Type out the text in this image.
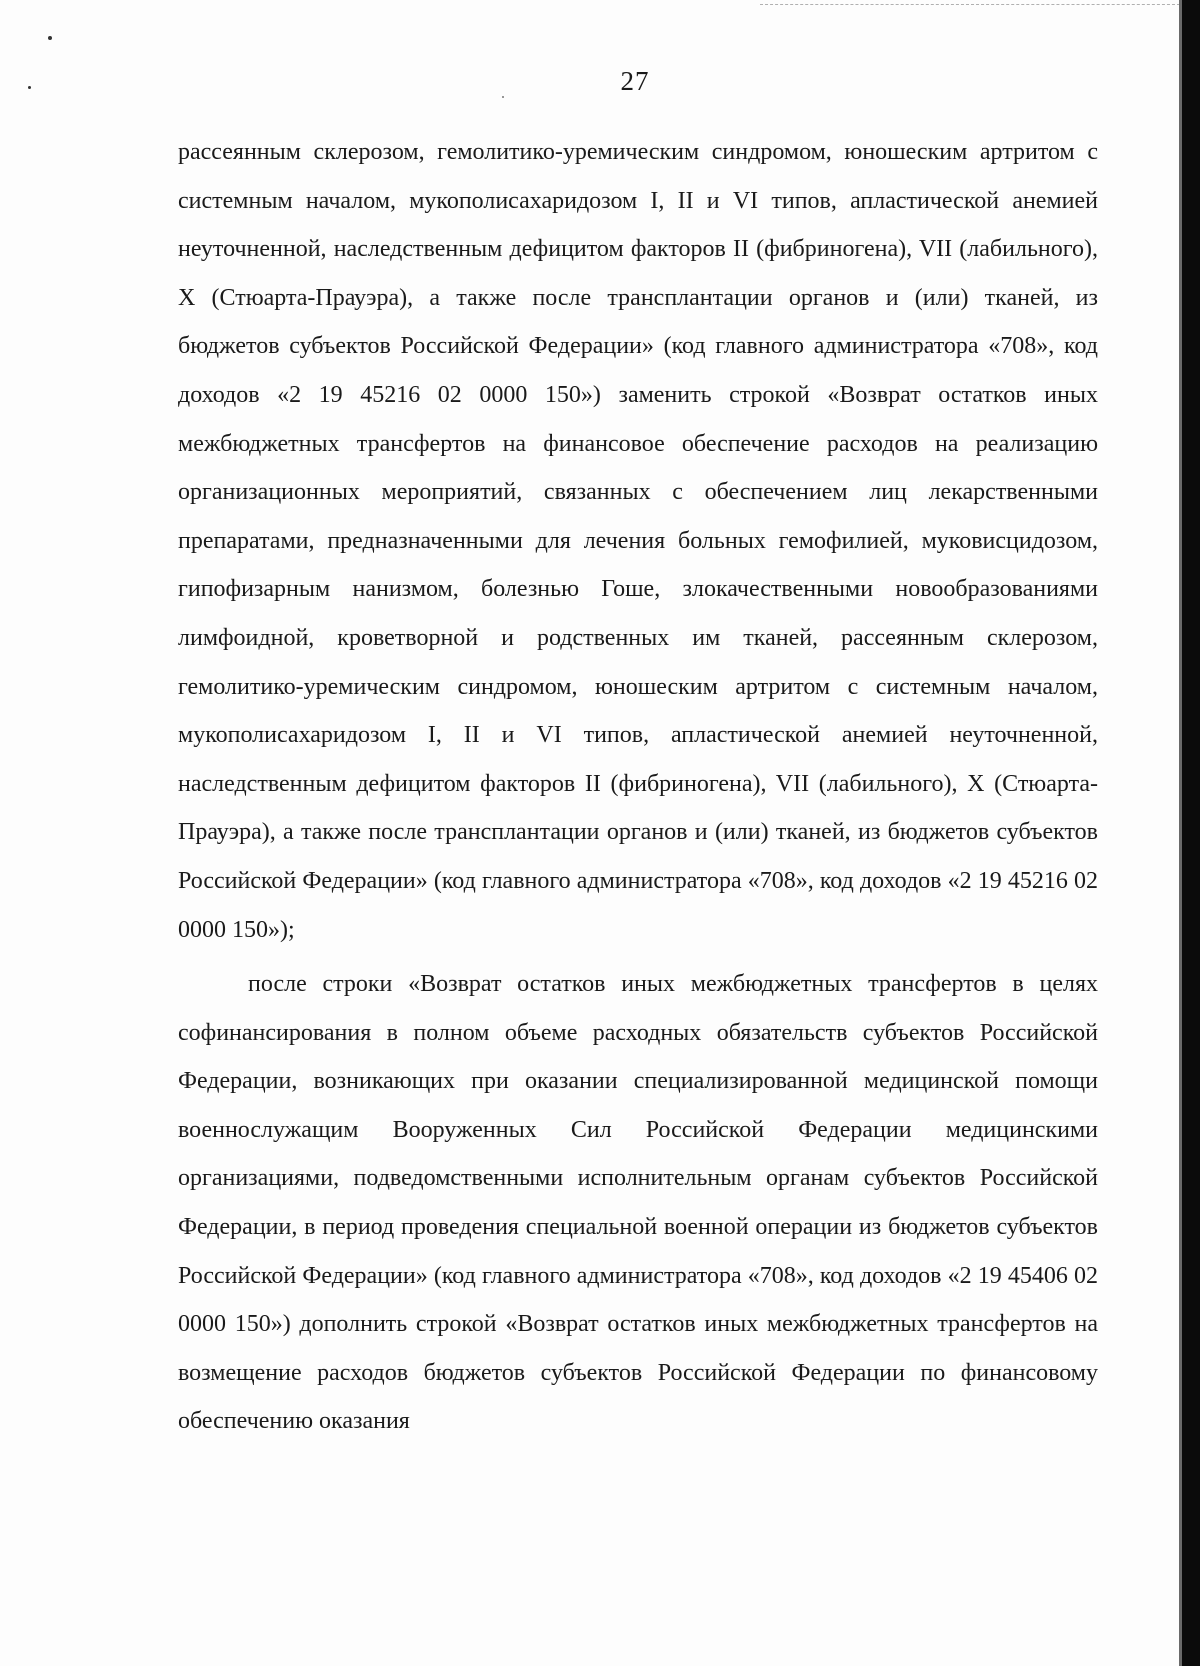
27

рассеянным склерозом, гемолитико-уремическим синдромом, юношеским артритом с системным началом, мукополисахаридозом I, II и VI типов, апластической анемией неуточненной, наследственным дефицитом факторов II (фибриногена), VII (лабильного), X (Стюарта-Прауэра), а также после трансплантации органов и (или) тканей, из бюджетов субъектов Российской Федерации» (код главного администратора «708», код доходов «2 19 45216 02 0000 150») заменить строкой «Возврат остатков иных межбюджетных трансфертов на финансовое обеспечение расходов на реализацию организационных мероприятий, связанных с обеспечением лиц лекарственными препаратами, предназначенными для лечения больных гемофилией, муковисцидозом, гипофизарным нанизмом, болезнью Гоше, злокачественными новообразованиями лимфоидной, кроветворной и родственных им тканей, рассеянным склерозом, гемолитико-уремическим синдромом, юношеским артритом с системным началом, мукополисахаридозом I, II и VI типов, апластической анемией неуточненной, наследственным дефицитом факторов II (фибриногена), VII (лабильного), X (Стюарта-Прауэра), а также после трансплантации органов и (или) тканей, из бюджетов субъектов Российской Федерации» (код главного администратора «708», код доходов «2 19 45216 02 0000 150»);

после строки «Возврат остатков иных межбюджетных трансфертов в целях софинансирования в полном объеме расходных обязательств субъектов Российской Федерации, возникающих при оказании специализированной медицинской помощи военнослужащим Вооруженных Сил Российской Федерации медицинскими организациями, подведомственными исполнительным органам субъектов Российской Федерации, в период проведения специальной военной операции из бюджетов субъектов Российской Федерации» (код главного администратора «708», код доходов «2 19 45406 02 0000 150») дополнить строкой «Возврат остатков иных межбюджетных трансфертов на возмещение расходов бюджетов субъектов Российской Федерации по финансовому обеспечению оказания
